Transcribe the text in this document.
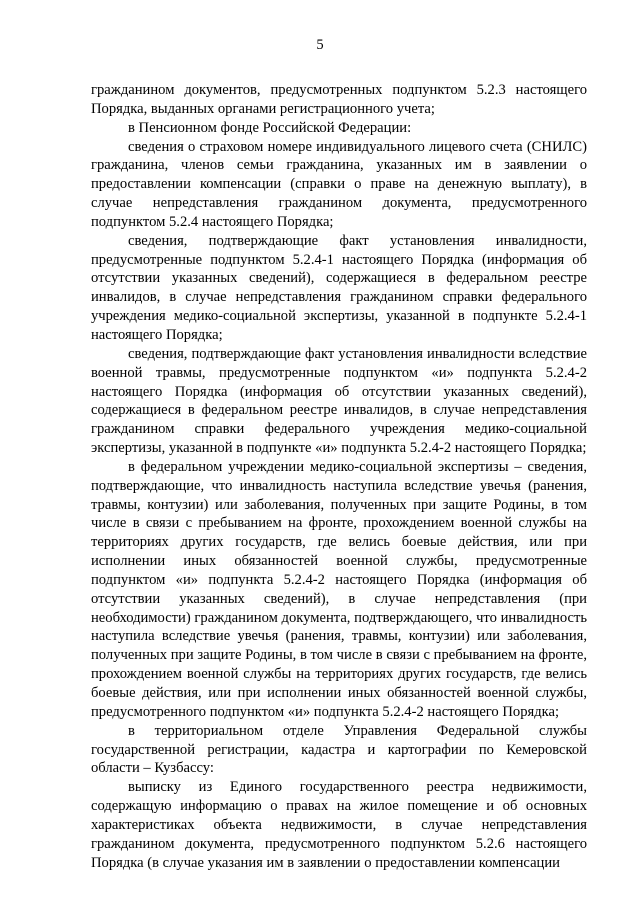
5

гражданином документов, предусмотренных подпунктом 5.2.3 настоящего Порядка, выданных органами регистрационного учета;

в Пенсионном фонде Российской Федерации:

сведения о страховом номере индивидуального лицевого счета (СНИЛС) гражданина, членов семьи гражданина, указанных им в заявлении о предоставлении компенсации (справки о праве на денежную выплату), в случае непредставления гражданином документа, предусмотренного подпунктом 5.2.4 настоящего Порядка;

сведения, подтверждающие факт установления инвалидности, предусмотренные подпунктом 5.2.4-1 настоящего Порядка (информация об отсутствии указанных сведений), содержащиеся в федеральном реестре инвалидов, в случае непредставления гражданином справки федерального учреждения медико-социальной экспертизы, указанной в подпункте 5.2.4-1 настоящего Порядка;

сведения, подтверждающие факт установления инвалидности вследствие военной травмы, предусмотренные подпунктом «и» подпункта 5.2.4-2 настоящего Порядка (информация об отсутствии указанных сведений), содержащиеся в федеральном реестре инвалидов, в случае непредставления гражданином справки федерального учреждения медико-социальной экспертизы, указанной в подпункте «и» подпункта 5.2.4-2 настоящего Порядка;

в федеральном учреждении медико-социальной экспертизы – сведения, подтверждающие, что инвалидность наступила вследствие увечья (ранения, травмы, контузии) или заболевания, полученных при защите Родины, в том числе в связи с пребыванием на фронте, прохождением военной службы на территориях других государств, где велись боевые действия, или при исполнении иных обязанностей военной службы, предусмотренные подпунктом «и» подпункта 5.2.4-2 настоящего Порядка (информация об отсутствии указанных сведений), в случае непредставления (при необходимости) гражданином документа, подтверждающего, что инвалидность наступила вследствие увечья (ранения, травмы, контузии) или заболевания, полученных при защите Родины, в том числе в связи с пребыванием на фронте, прохождением военной службы на территориях других государств, где велись боевые действия, или при исполнении иных обязанностей военной службы, предусмотренного подпунктом «и» подпункта 5.2.4-2 настоящего Порядка;

в территориальном отделе Управления Федеральной службы государственной регистрации, кадастра и картографии по Кемеровской области – Кузбассу:

выписку из Единого государственного реестра недвижимости, содержащую информацию о правах на жилое помещение и об основных характеристиках объекта недвижимости, в случае непредставления гражданином документа, предусмотренного подпунктом 5.2.6 настоящего Порядка (в случае указания им в заявлении о предоставлении компенсации
